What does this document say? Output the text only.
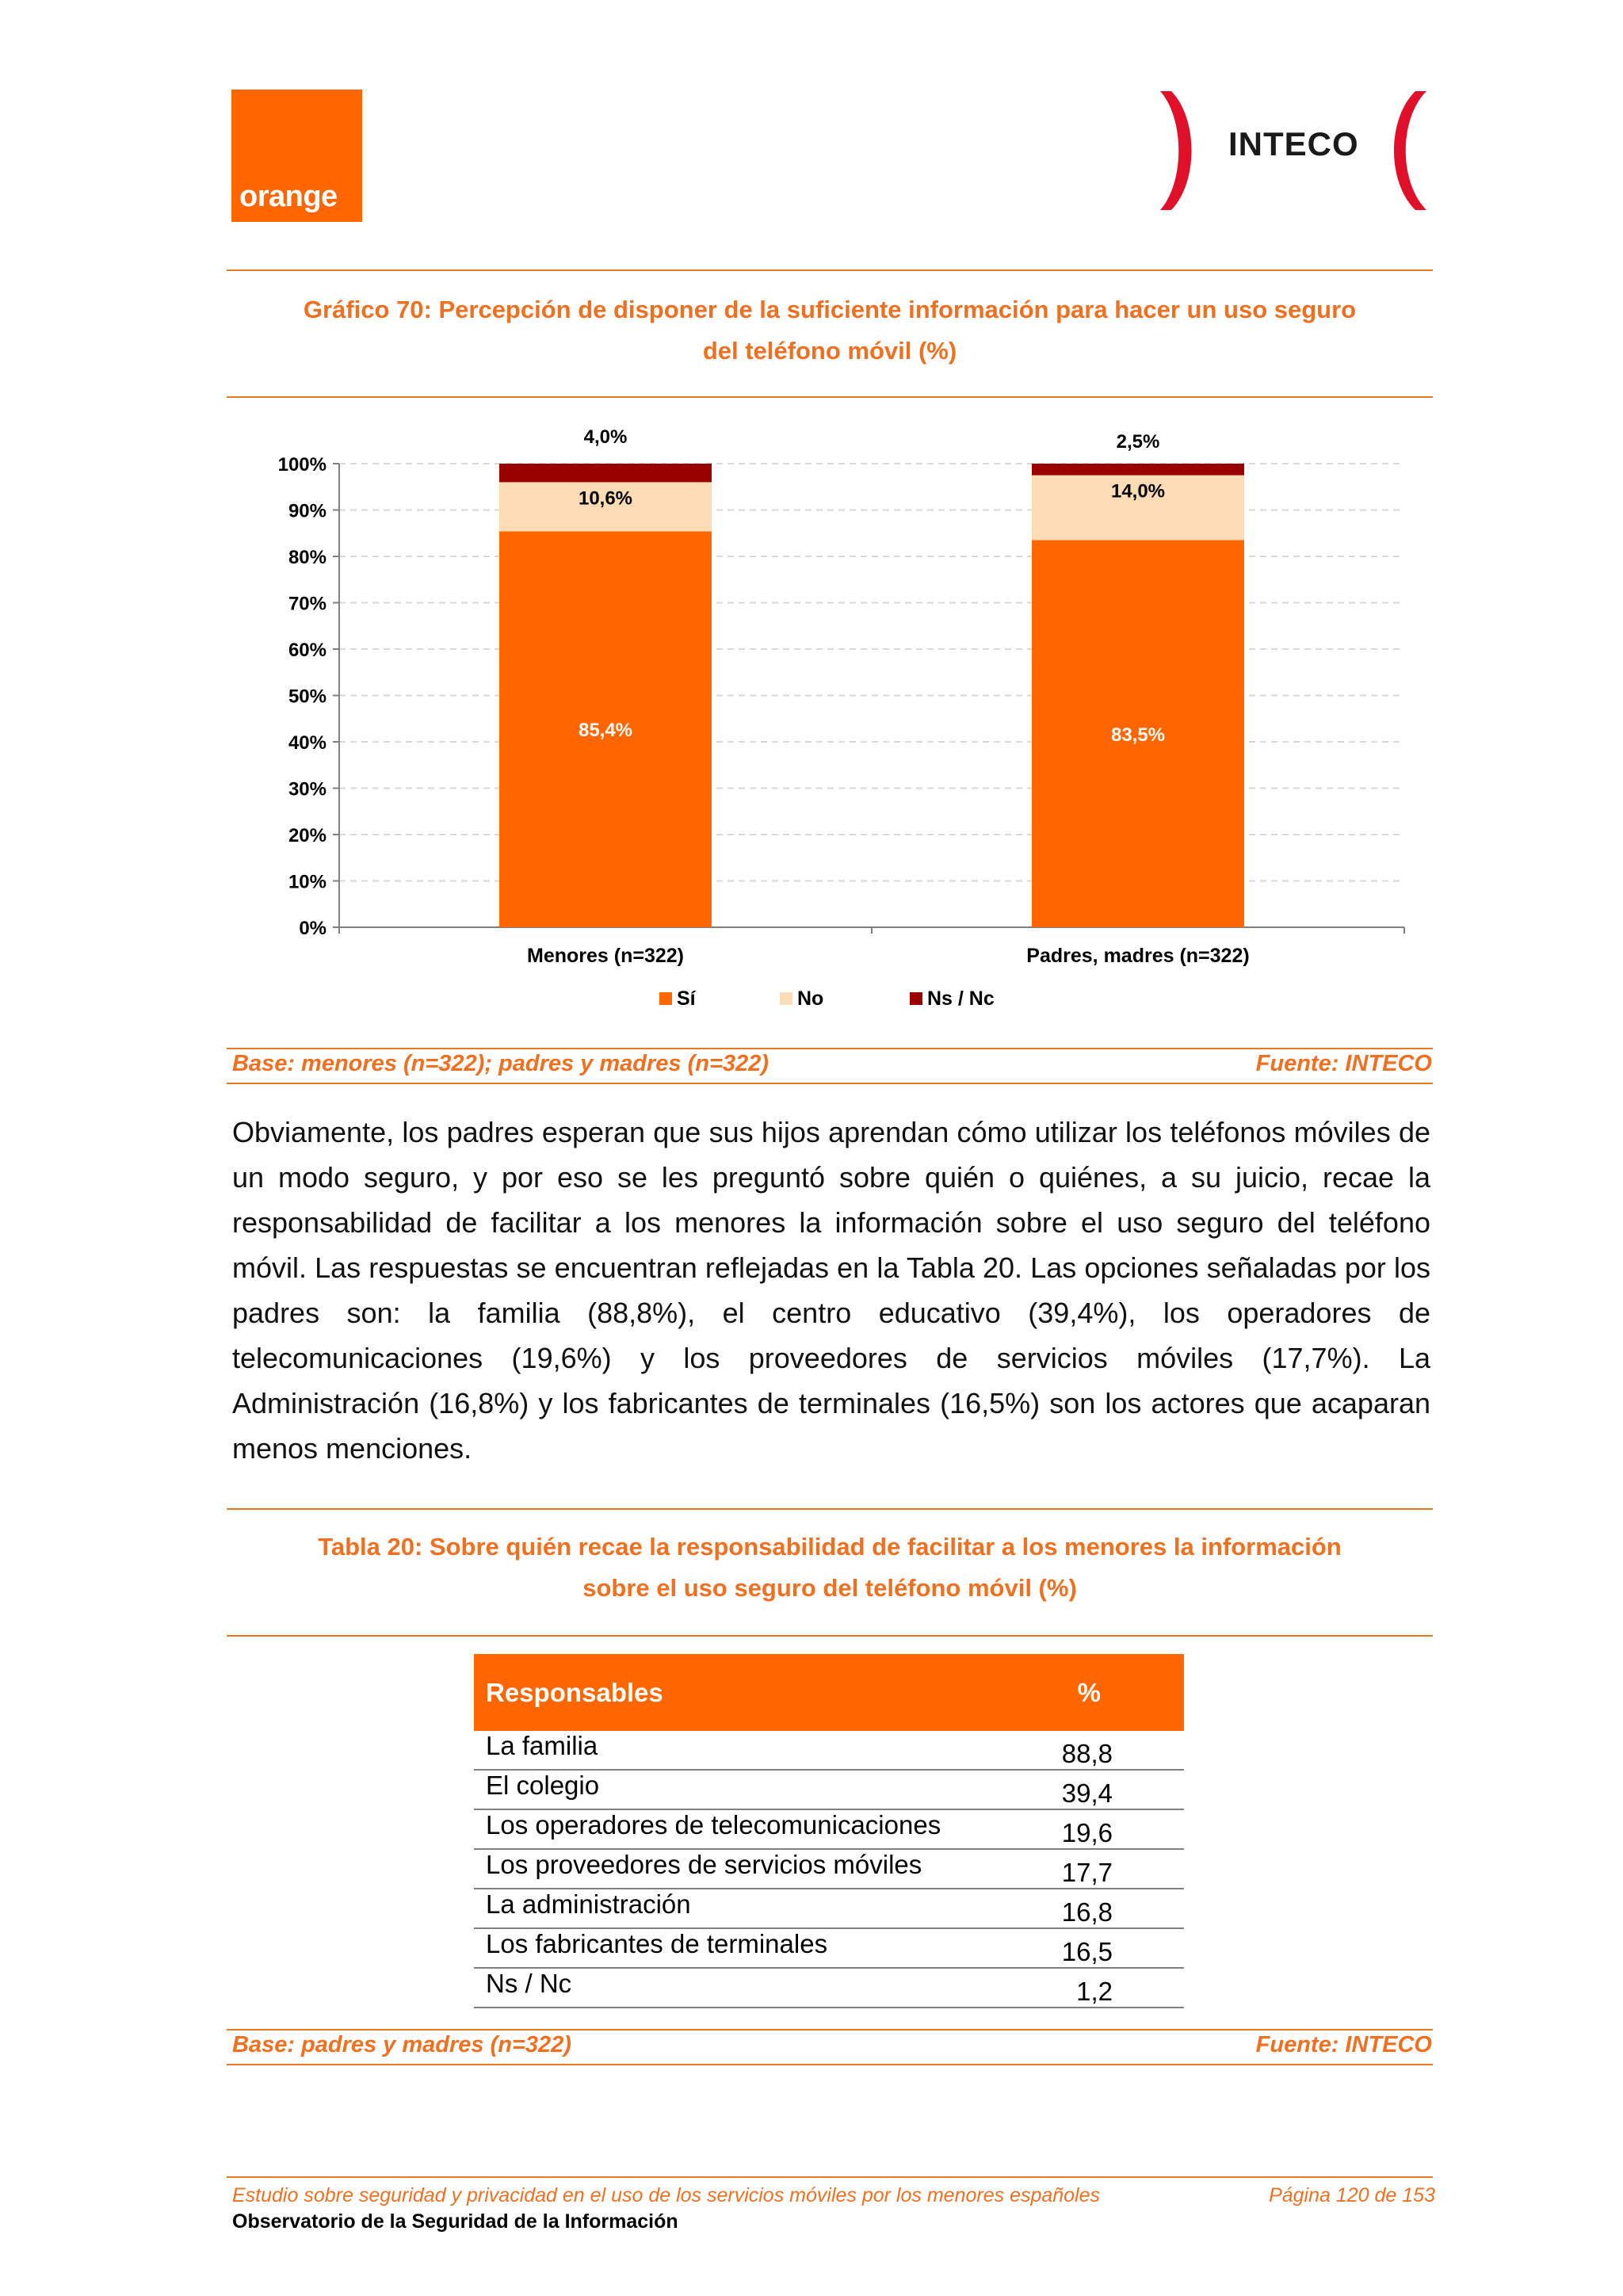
orange
INTECO
Gráfico 70: Percepción de disponer de la suficiente información para hacer un uso seguro
del teléfono móvil (%)
0%
10%
20%
30%
40%
50%
60%
70%
80%
90%
100%
85,4%
10,6%
4,0%
Menores (n=322)
83,5%
14,0%
2,5%
Padres, madres (n=322)
Sí	No	Ns / Nc
Base: menores (n=322); padres y madres (n=322)	Fuente: INTECO
Obviamente, los padres esperan que sus hijos aprendan cómo utilizar los teléfonos móviles de un modo seguro, y por eso se les preguntó sobre quién o quiénes, a su juicio, recae la responsabilidad de facilitar a los menores la información sobre el uso seguro del teléfono móvil. Las respuestas se encuentran reflejadas en la Tabla 20. Las opciones señaladas por los padres son: la familia (88,8%), el centro educativo (39,4%), los operadores de telecomunicaciones (19,6%) y los proveedores de servicios móviles (17,7%). La Administración (16,8%) y los fabricantes de terminales (16,5%) son los actores que acaparan menos menciones.
Tabla 20: Sobre quién recae la responsabilidad de facilitar a los menores la información
sobre el uso seguro del teléfono móvil (%)
Responsables	%
La familia	88,8
El colegio	39,4
Los operadores de telecomunicaciones	19,6
Los proveedores de servicios móviles	17,7
La administración	16,8
Los fabricantes de terminales	16,5
Ns / Nc	1,2
Base: padres y madres (n=322)	Fuente: INTECO
Estudio sobre seguridad y privacidad en el uso de los servicios móviles por los menores españoles	Página 120 de 153
Observatorio de la Seguridad de la Información
